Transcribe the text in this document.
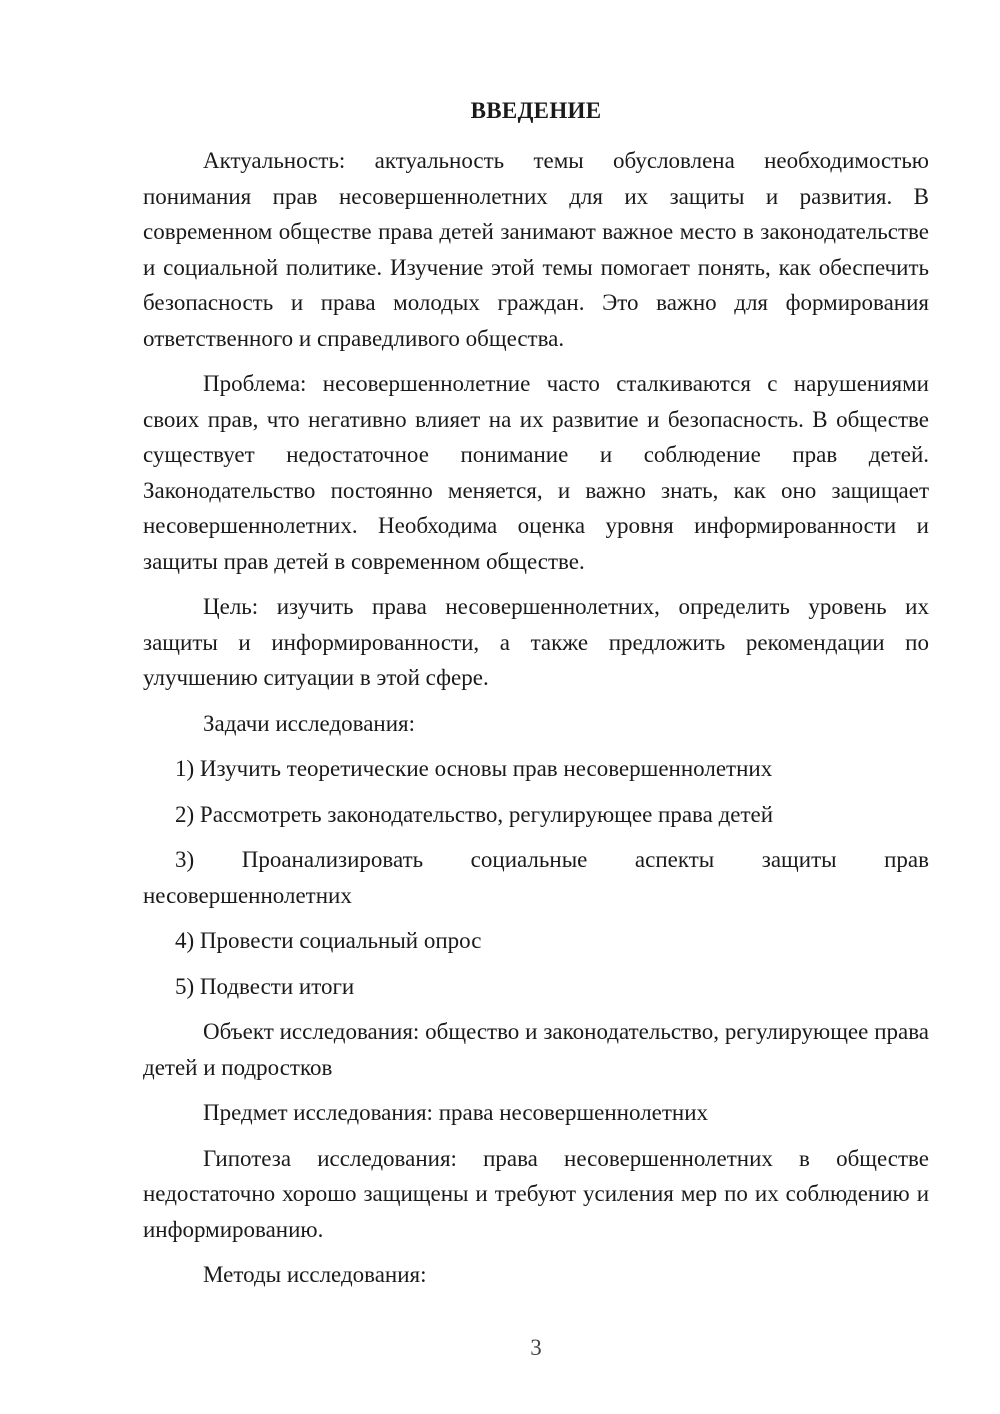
ВВЕДЕНИЕ

Актуальность: актуальность темы обусловлена необходимостью понимания прав несовершеннолетних для их защиты и развития. В современном обществе права детей занимают важное место в законодательстве и социальной политике. Изучение этой темы помогает понять, как обеспечить безопасность и права молодых граждан. Это важно для формирования ответственного и справедливого общества.

Проблема: несовершеннолетние часто сталкиваются с нарушениями своих прав, что негативно влияет на их развитие и безопасность. В обществе существует недостаточное понимание и соблюдение прав детей. Законодательство постоянно меняется, и важно знать, как оно защищает несовершеннолетних. Необходима оценка уровня информированности и защиты прав детей в современном обществе.

Цель: изучить права несовершеннолетних, определить уровень их защиты и информированности, а также предложить рекомендации по улучшению ситуации в этой сфере.

Задачи исследования:

1) Изучить теоретические основы прав несовершеннолетних

2) Рассмотреть законодательство, регулирующее права детей

3) Проанализировать социальные аспекты защиты прав несовершеннолетних

4) Провести социальный опрос

5) Подвести итоги

Объект исследования: общество и законодательство, регулирующее права детей и подростков

Предмет исследования: права несовершеннолетних

Гипотеза исследования: права несовершеннолетних в обществе недостаточно хорошо защищены и требуют усиления мер по их соблюдению и информированию.

Методы исследования:

3
